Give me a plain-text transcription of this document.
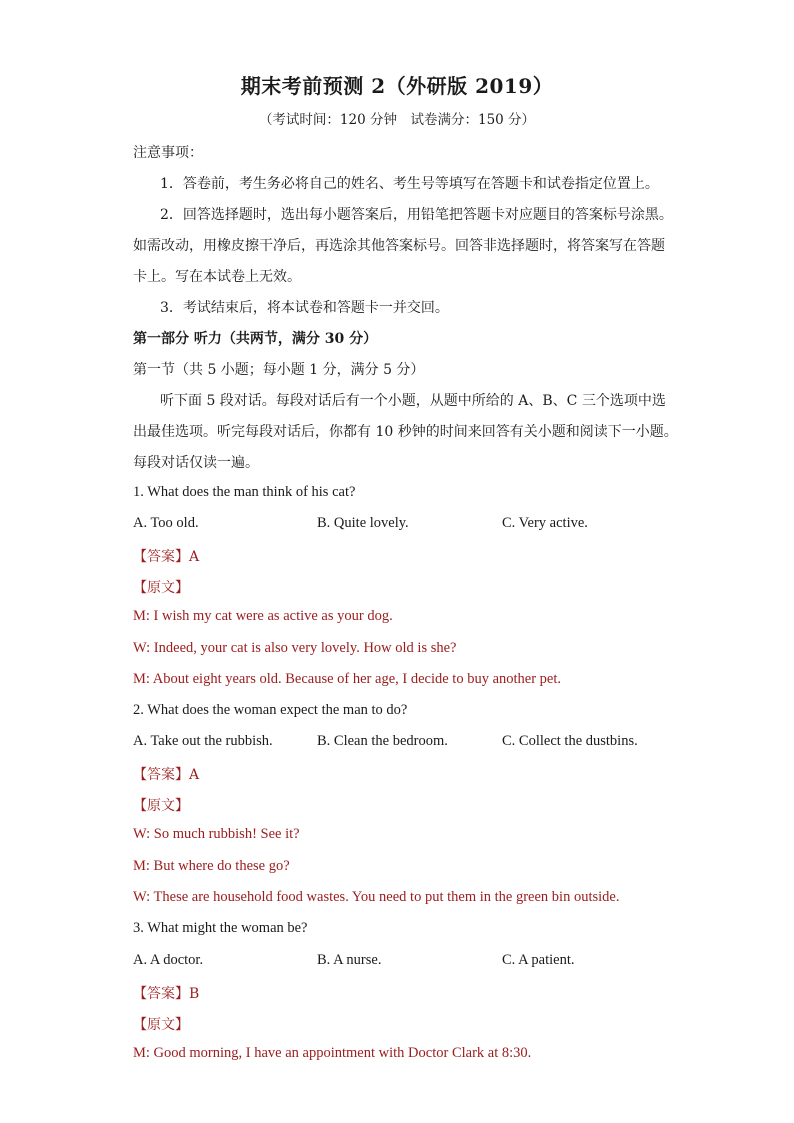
期末考前预测 2（外研版 2019）
（考试时间：120 分钟　试卷满分：150 分）
注意事项：
1．答卷前，考生务必将自己的姓名、考生号等填写在答题卡和试卷指定位置上。
2．回答选择题时，选出每小题答案后，用铅笔把答题卡对应题目的答案标号涂黑。
如需改动，用橡皮擦干净后，再选涂其他答案标号。回答非选择题时，将答案写在答题
卡上。写在本试卷上无效。
3．考试结束后，将本试卷和答题卡一并交回。
第一部分 听力（共两节，满分 30 分）
第一节（共 5 小题；每小题 1 分，满分 5 分）
听下面 5 段对话。每段对话后有一个小题，从题中所给的 A、B、C 三个选项中选
出最佳选项。听完每段对话后，你都有 10 秒钟的时间来回答有关小题和阅读下一小题。
每段对话仅读一遍。
1. What does the man think of his cat?
A. Too old.	B. Quite lovely.	C. Very active.
【答案】A
【原文】
M: I wish my cat were as active as your dog.
W: Indeed, your cat is also very lovely. How old is she?
M: About eight years old. Because of her age, I decide to buy another pet.
2. What does the woman expect the man to do?
A. Take out the rubbish.	B. Clean the bedroom.	C. Collect the dustbins.
【答案】A
【原文】
W: So much rubbish! See it?
M: But where do these go?
W: These are household food wastes. You need to put them in the green bin outside.
3. What might the woman be?
A. A doctor.	B. A nurse.	C. A patient.
【答案】B
【原文】
M: Good morning, I have an appointment with Doctor Clark at 8:30.
